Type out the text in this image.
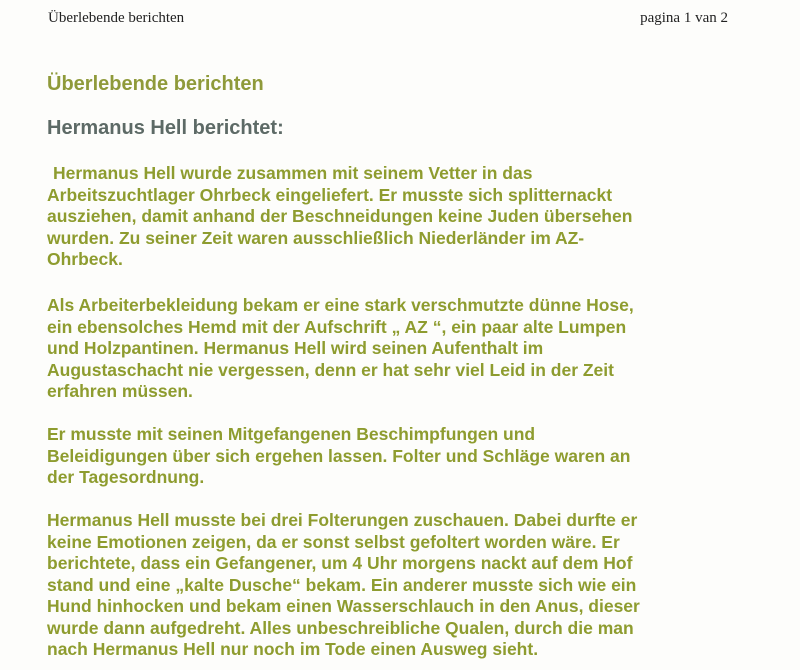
Überlebende berichten	pagina 1 van 2
Überlebende berichten
Hermanus Hell berichtet:

Hermanus Hell wurde zusammen mit seinem Vetter in das
Arbeitszuchtlager Ohrbeck eingeliefert. Er musste sich splitternackt
ausziehen, damit anhand der Beschneidungen keine Juden übersehen
wurden. Zu seiner Zeit waren ausschließlich Niederländer im AZ-
Ohrbeck.

Als Arbeiterbekleidung bekam er eine stark verschmutzte dünne Hose,
ein ebensolches Hemd mit der Aufschrift „ AZ “, ein paar alte Lumpen
und Holzpantinen. Hermanus Hell wird seinen Aufenthalt im
Augustaschacht nie vergessen, denn er hat sehr viel Leid in der Zeit
erfahren müssen.

Er musste mit seinen Mitgefangenen Beschimpfungen und
Beleidigungen über sich ergehen lassen. Folter und Schläge waren an
der Tagesordnung.

Hermanus Hell musste bei drei Folterungen zuschauen. Dabei durfte er
keine Emotionen zeigen, da er sonst selbst gefoltert worden wäre. Er
berichtete, dass ein Gefangener, um 4 Uhr morgens nackt auf dem Hof
stand und eine „kalte Dusche“ bekam. Ein anderer musste sich wie ein
Hund hinhocken und bekam einen Wasserschlauch in den Anus, dieser
wurde dann aufgedreht. Alles unbeschreibliche Qualen, durch die man
nach Hermanus Hell nur noch im Tode einen Ausweg sieht.
